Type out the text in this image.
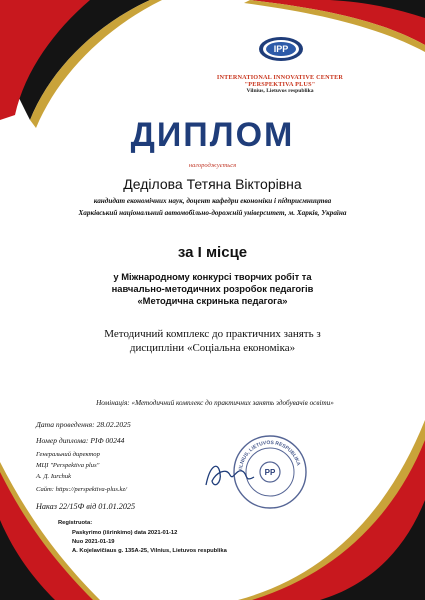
IPP
INTERNATIONAL INNOVATIVE CENTER
"PERSPEKTIVA PLUS"
Vilnius, Lietuvos respublika
ДИПЛОМ
нагороджується
Деділова Тетяна Вікторівна
кандидат економічних наук, доцент кафедри економіки і підприємництва
Харківський національний автомобільно-дорожній університет, м. Харків, Україна
за І місце
у Міжнародному конкурсі творчих робіт та
навчально-методичних розробок педагогів
«Методична скринька педагога»
Методичний комплекс до практичних занять з
дисципліни «Соціальна економіка»
Номінація: «Методичний комплекс до практичних занять здобувачів освіти»
Дата проведення: 28.02.2025
Номер диплома: РІФ 00244
Генеральний директор
МЦІ "Perspektiva plus"
А. Д. Iurchuk
Сайт: https://perspektiva-plus.kz/
Наказ 22/15Ф від 01.01.2025
VILNIUS, LIETUVOS RESPUBLIKA
PP
Registruota:
Paskyrimo (išrinkimo) data 2021-01-12
Nuo 2021-01-19
A. Kojelavičiaus g. 135A-25, Vilnius, Lietuvos respublika
